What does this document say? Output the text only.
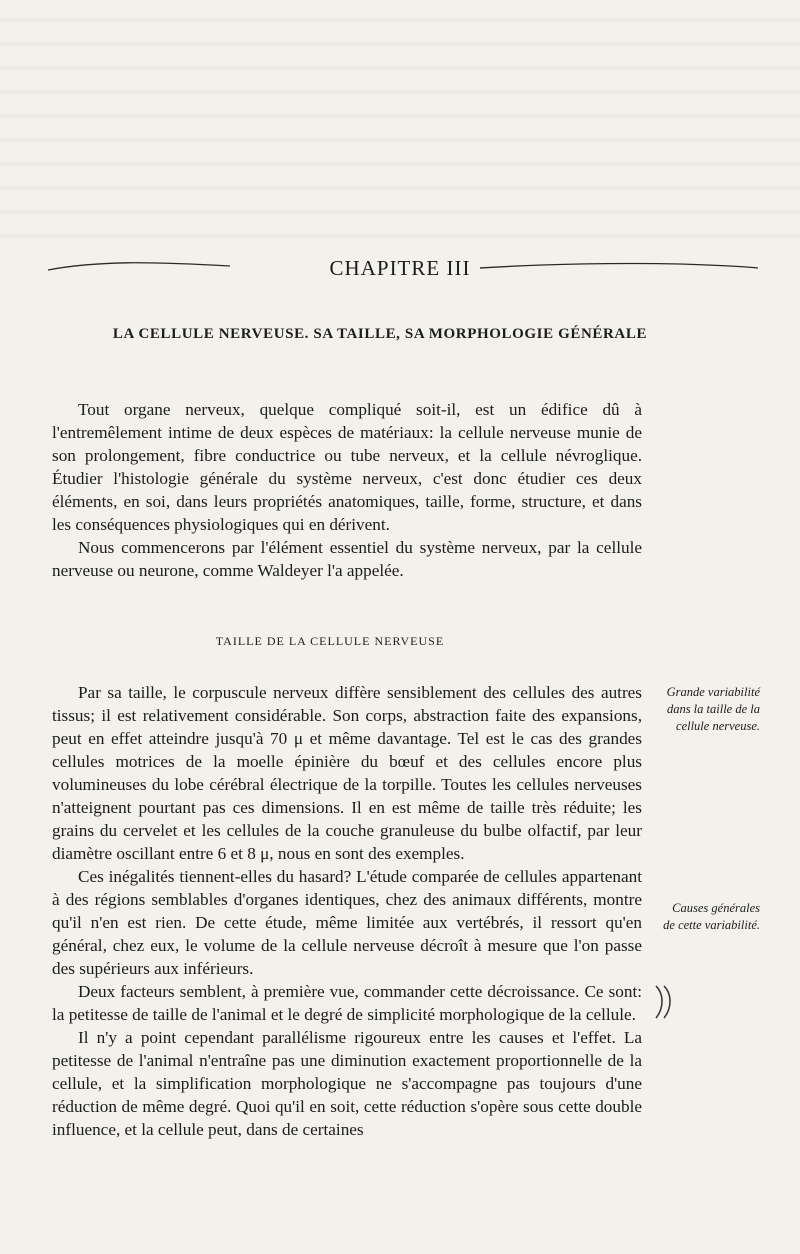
CHAPITRE III
LA CELLULE NERVEUSE. SA TAILLE, SA MORPHOLOGIE GÉNÉRALE

Tout organe nerveux, quelque compliqué soit-il, est un édifice dû à l'entremêlement intime de deux espèces de matériaux: la cellule nerveuse munie de son prolongement, fibre conductrice ou tube nerveux, et la cellule névroglique. Étudier l'histologie générale du système nerveux, c'est donc étudier ces deux éléments, en soi, dans leurs propriétés anatomiques, taille, forme, structure, et dans les conséquences physiologiques qui en dérivent.

Nous commencerons par l'élément essentiel du système nerveux, par la cellule nerveuse ou neurone, comme Waldeyer l'a appelée.

TAILLE DE LA CELLULE NERVEUSE

Par sa taille, le corpuscule nerveux diffère sensiblement des cellules des autres tissus; il est relativement considérable. Son corps, abstraction faite des expansions, peut en effet atteindre jusqu'à 70 μ et même davantage. Tel est le cas des grandes cellules motrices de la moelle épinière du bœuf et des cellules encore plus volumineuses du lobe cérébral électrique de la torpille. Toutes les cellules nerveuses n'atteignent pourtant pas ces dimensions. Il en est même de taille très réduite; les grains du cervelet et les cellules de la couche granuleuse du bulbe olfactif, par leur diamètre oscillant entre 6 et 8 μ, nous en sont des exemples.

Ces inégalités tiennent-elles du hasard? L'étude comparée de cellules appartenant à des régions semblables d'organes identiques, chez des animaux différents, montre qu'il n'en est rien. De cette étude, même limitée aux vertébrés, il ressort qu'en général, chez eux, le volume de la cellule nerveuse décroît à mesure que l'on passe des supérieurs aux inférieurs.

Deux facteurs semblent, à première vue, commander cette décroissance. Ce sont: la petitesse de taille de l'animal et le degré de simplicité morphologique de la cellule.

Il n'y a point cependant parallélisme rigoureux entre les causes et l'effet. La petitesse de l'animal n'entraîne pas une diminution exactement proportionnelle de la cellule, et la simplification morphologique ne s'accompagne pas toujours d'une réduction de même degré. Quoi qu'il en soit, cette réduction s'opère sous cette double influence, et la cellule peut, dans de certaines

Grande variabilité dans la taille de la cellule nerveuse.
Causes générales de cette variabilité.
